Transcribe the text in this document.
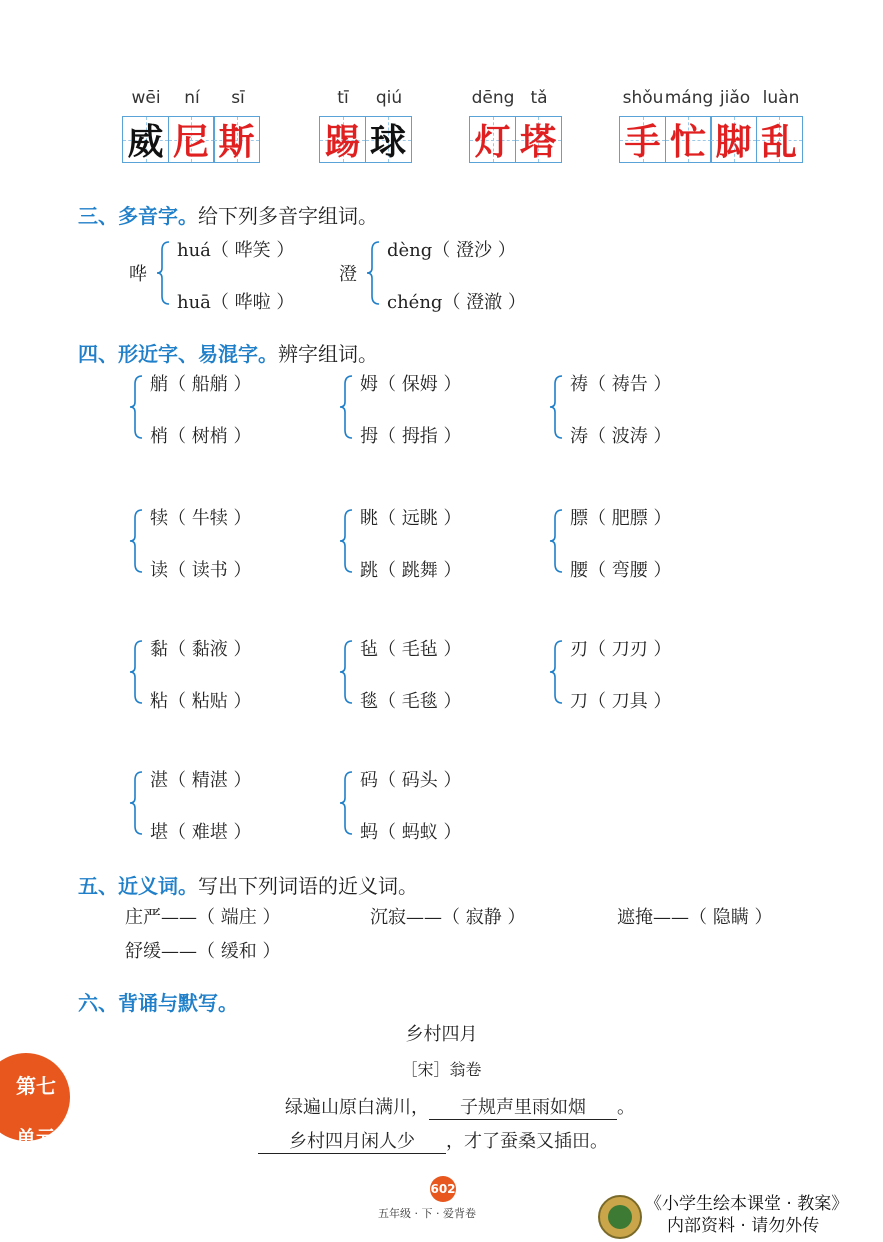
wēi ní sī
威 尼 斯
tī qiú
踢 球
dēng tǎ
灯 塔
shǒu máng jiǎo luàn
手 忙 脚 乱
三、多音字。给下列多音字组词。
哗
huá（ 哗笑 ）
huā（ 哗啦 ）
澄
dèng（ 澄沙 ）
chéng（ 澄澈 ）
四、形近字、易混字。辨字组词。
艄（ 船艄 ）
梢（ 树梢 ）
姆（ 保姆 ）
拇（ 拇指 ）
祷（ 祷告 ）
涛（ 波涛 ）
犊（ 牛犊 ）
读（ 读书 ）
眺（ 远眺 ）
跳（ 跳舞 ）
膘（ 肥膘 ）
腰（ 弯腰 ）
黏（ 黏液 ）
粘（ 粘贴 ）
毡（ 毛毡 ）
毯（ 毛毯 ）
刃（ 刀刃 ）
刀（ 刀具 ）
湛（ 精湛 ）
堪（ 难堪 ）
码（ 码头 ）
蚂（ 蚂蚁 ）
五、近义词。写出下列词语的近义词。
庄严——（ 端庄 ）	沉寂——（ 寂静 ）	遮掩——（ 隐瞒 ）
舒缓——（ 缓和 ）
六、背诵与默写。
乡村四月
［宋］翁卷
绿遍山原白满川， 子规声里雨如烟 。
乡村四月闲人少 ，才了蚕桑又插田。
第七

单元
602
五年级 · 下 · 爱背卷	《小学生绘本课堂 · 教案》
内部资料 · 请勿外传
